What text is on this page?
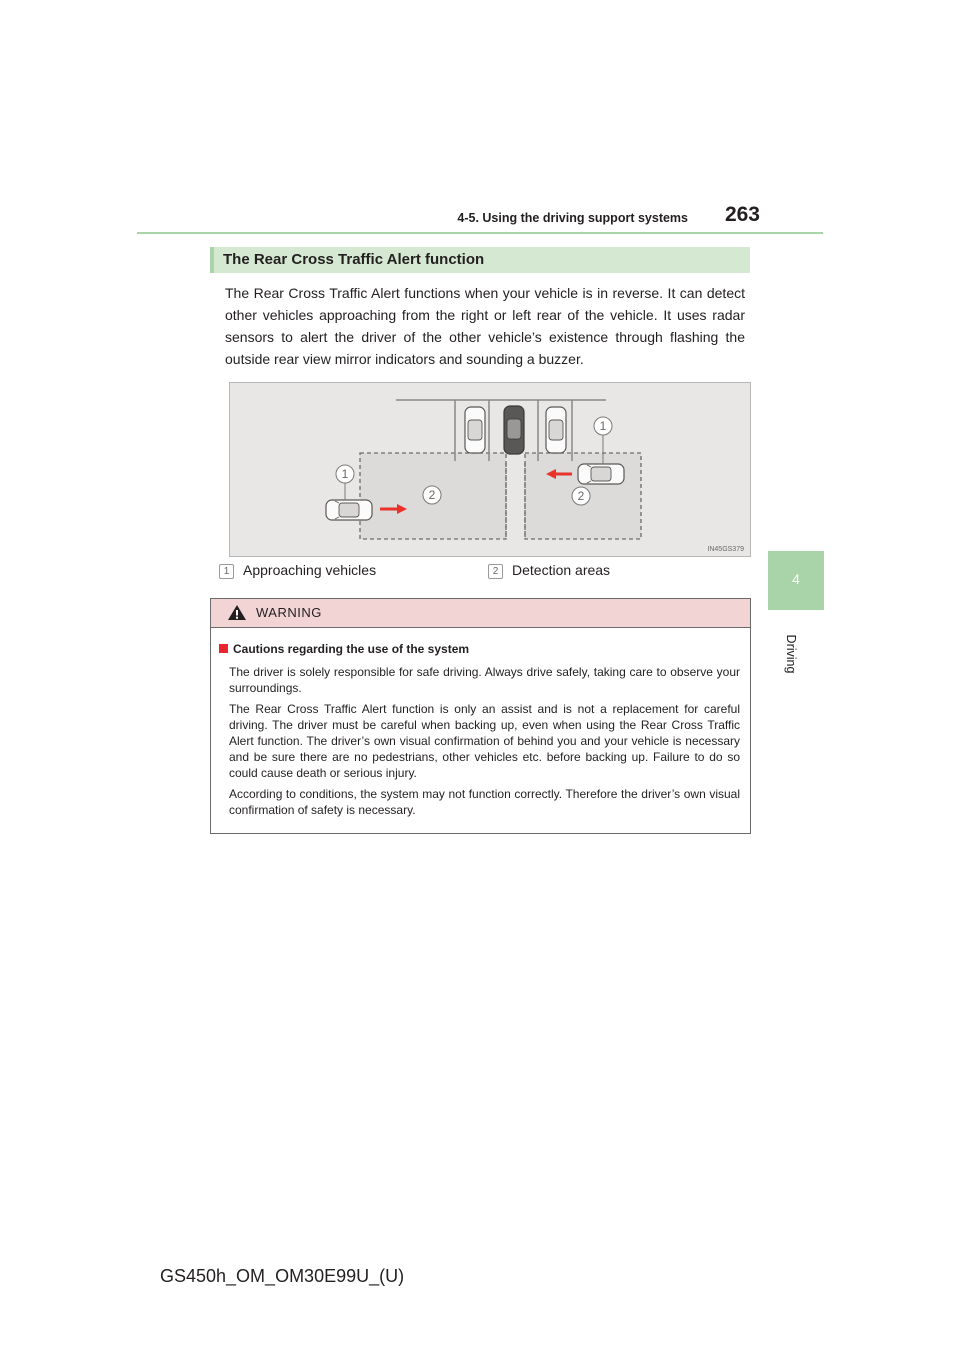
4-5. Using the driving support systems	263
4
Driving
The Rear Cross Traffic Alert function

The Rear Cross Traffic Alert functions when your vehicle is in reverse. It can detect other vehicles approaching from the right or left rear of the vehicle. It uses radar sensors to alert the driver of the other vehicle’s existence through flashing the outside rear view mirror indicators and sounding a buzzer.

1
1
2	2
IN45GS379
1 Approaching vehicles	2 Detection areas
WARNING
Cautions regarding the use of the system

The driver is solely responsible for safe driving. Always drive safely, taking care to observe your surroundings.

The Rear Cross Traffic Alert function is only an assist and is not a replacement for careful driving. The driver must be careful when backing up, even when using the Rear Cross Traffic Alert function. The driver’s own visual confirmation of behind you and your vehicle is necessary and be sure there are no pedestrians, other vehicles etc. before backing up. Failure to do so could cause death or serious injury.

According to conditions, the system may not function correctly. Therefore the driver’s own visual confirmation of safety is necessary.

GS450h_OM_OM30E99U_(U)
